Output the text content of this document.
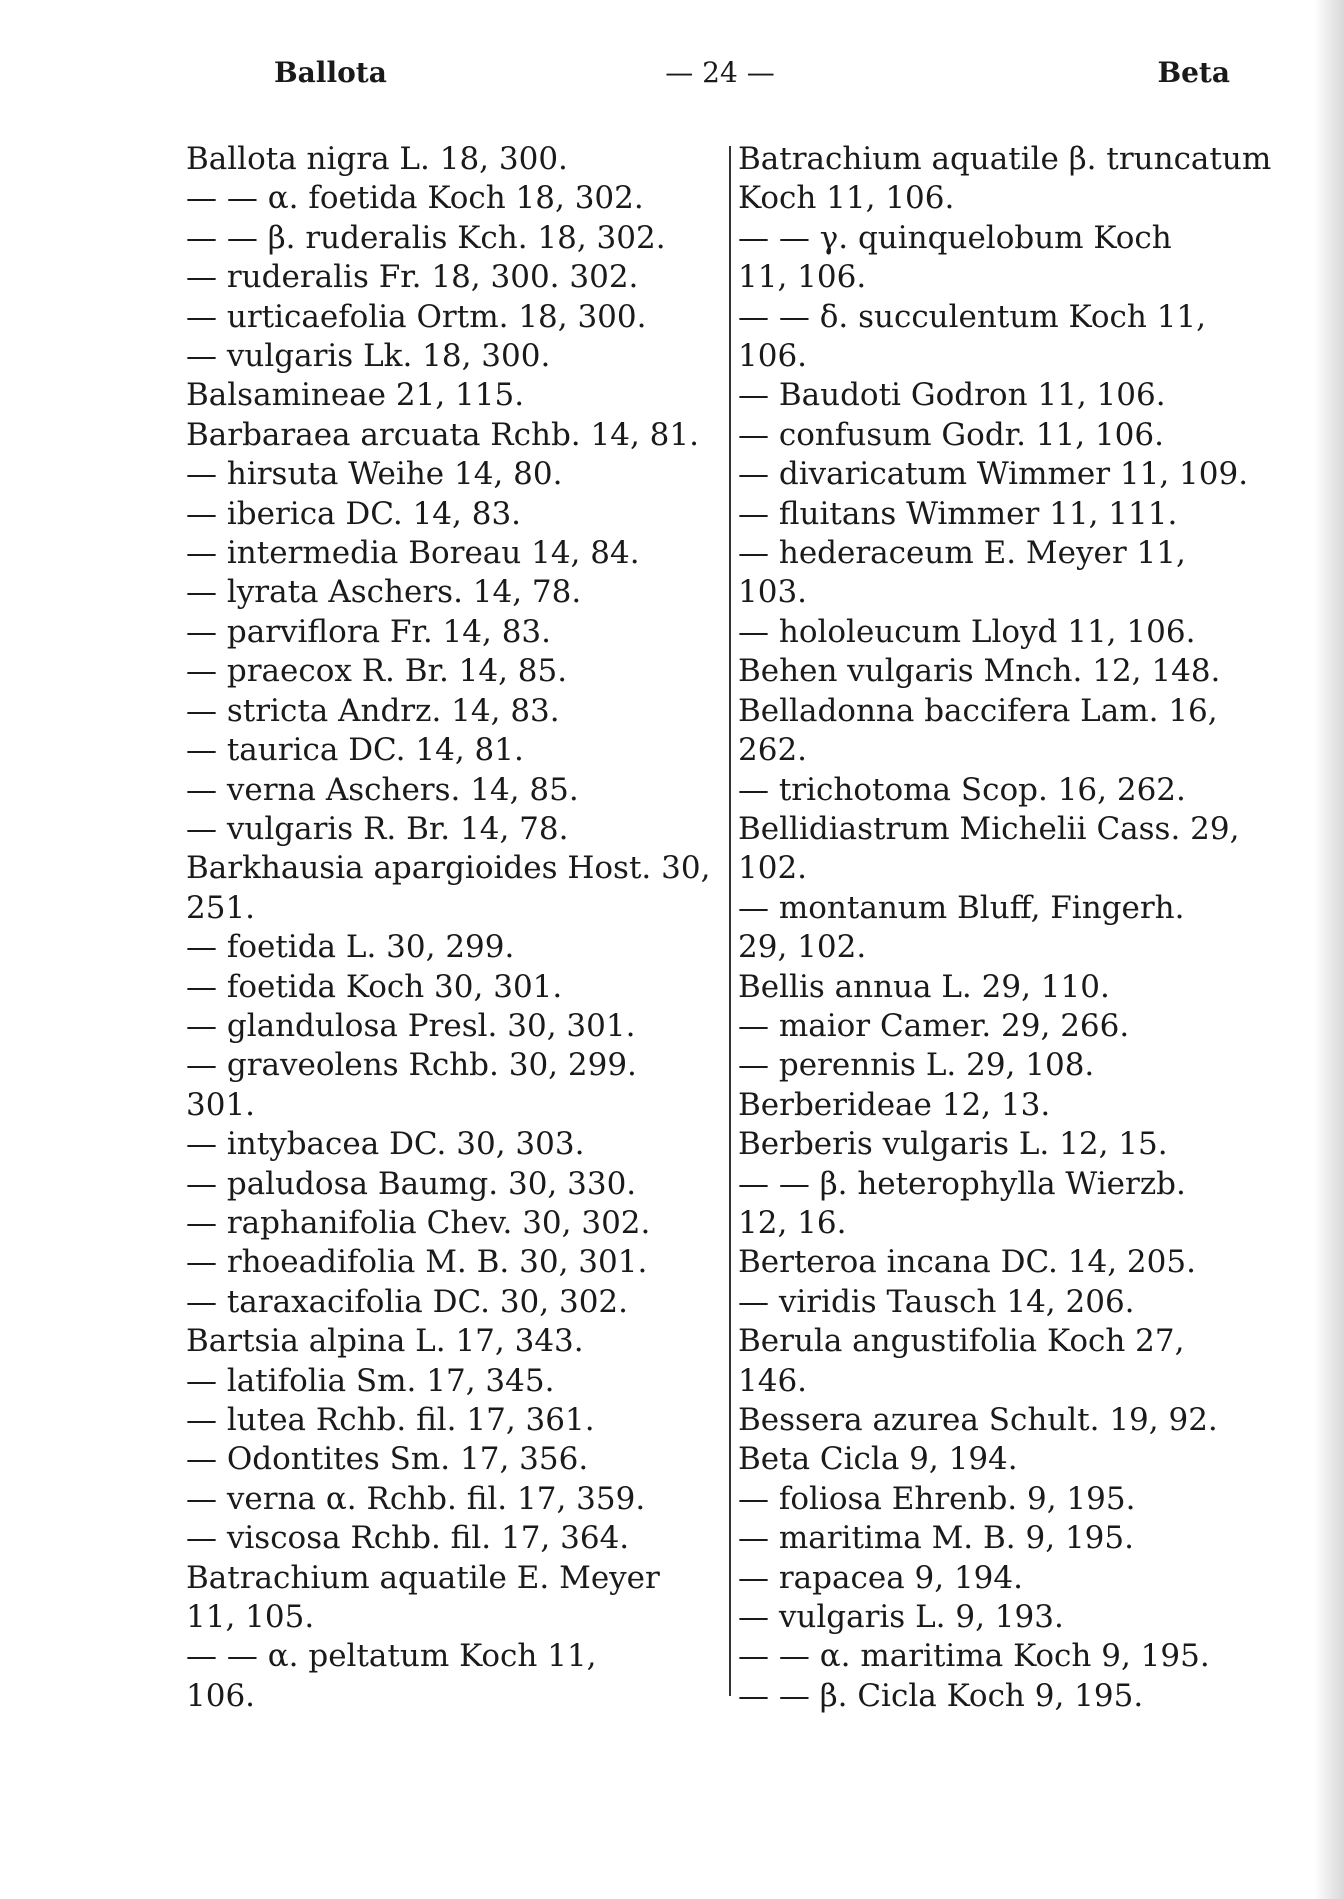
Ballota	— 24 —	Beta
Ballota nigra L. 18, 300.
— — α. foetida Koch 18, 302.
— — β. ruderalis Kch. 18, 302.
— ruderalis Fr. 18, 300. 302.
— urticaefolia Ortm. 18, 300.
— vulgaris Lk. 18, 300.
Balsamineae 21, 115.
Barbaraea arcuata Rchb. 14, 81.
— hirsuta Weihe 14, 80.
— iberica DC. 14, 83.
— intermedia Boreau 14, 84.
— lyrata Aschers. 14, 78.
— parviflora Fr. 14, 83.
— praecox R. Br. 14, 85.
— stricta Andrz. 14, 83.
— taurica DC. 14, 81.
— verna Aschers. 14, 85.
— vulgaris R. Br. 14, 78.
Barkhausia apargioides Host. 30,
251.
— foetida L. 30, 299.
— foetida Koch 30, 301.
— glandulosa Presl. 30, 301.
— graveolens Rchb. 30, 299.
301.
— intybacea DC. 30, 303.
— paludosa Baumg. 30, 330.
— raphanifolia Chev. 30, 302.
— rhoeadifolia M. B. 30, 301.
— taraxacifolia DC. 30, 302.
Bartsia alpina L. 17, 343.
— latifolia Sm. 17, 345.
— lutea Rchb. fil. 17, 361.
— Odontites Sm. 17, 356.
— verna α. Rchb. fil. 17, 359.
— viscosa Rchb. fil. 17, 364.
Batrachium aquatile E. Meyer
11, 105.
— — α. peltatum Koch 11,
106.
Batrachium aquatile β. truncatum
Koch 11, 106.
— — γ. quinquelobum Koch
11, 106.
— — δ. succulentum Koch 11,
106.
— Baudoti Godron 11, 106.
— confusum Godr. 11, 106.
— divaricatum Wimmer 11, 109.
— fluitans Wimmer 11, 111.
— hederaceum E. Meyer 11,
103.
— hololeucum Lloyd 11, 106.
Behen vulgaris Mnch. 12, 148.
Belladonna baccifera Lam. 16,
262.
— trichotoma Scop. 16, 262.
Bellidiastrum Michelii Cass. 29,
102.
— montanum Bluff, Fingerh.
29, 102.
Bellis annua L. 29, 110.
— maior Camer. 29, 266.
— perennis L. 29, 108.
Berberideae 12, 13.
Berberis vulgaris L. 12, 15.
— — β. heterophylla Wierzb.
12, 16.
Berteroa incana DC. 14, 205.
— viridis Tausch 14, 206.
Berula angustifolia Koch 27,
146.
Bessera azurea Schult. 19, 92.
Beta Cicla 9, 194.
— foliosa Ehrenb. 9, 195.
— maritima M. B. 9, 195.
— rapacea 9, 194.
— vulgaris L. 9, 193.
— — α. maritima Koch 9, 195.
— — β. Cicla Koch 9, 195.
